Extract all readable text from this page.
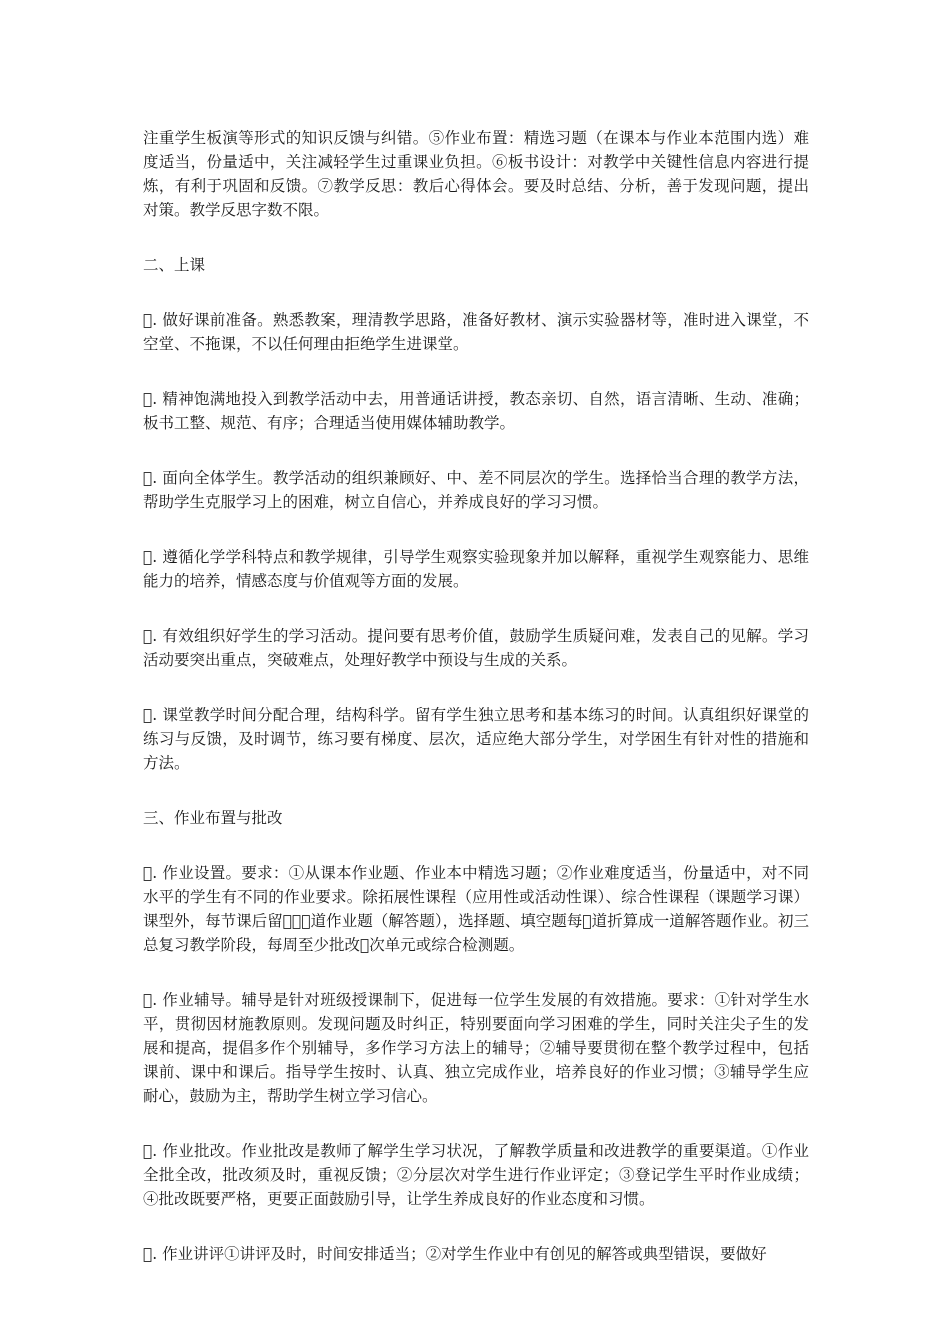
注重学生板演等形式的知识反馈与纠错。⑤作业布置：精选习题（在课本与作业本范围内选）难度适当，份量适中，关注减轻学生过重课业负担。⑥板书设计：对教学中关键性信息内容进行提炼，有利于巩固和反馈。⑦教学反思：教后心得体会。要及时总结、分析，善于发现问题，提出对策。教学反思字数不限。

二、上课

󰁒. 做好课前准备。熟悉教案，理清教学思路，准备好教材、演示实验器材等，准时进入课堂，不空堂、不拖课，不以任何理由拒绝学生进课堂。

󰁓. 精神饱满地投入到教学活动中去，用普通话讲授，教态亲切、自然，语言清晰、生动、准确；板书工整、规范、有序；合理适当使用媒体辅助教学。

󰁔. 面向全体学生。教学活动的组织兼顾好、中、差不同层次的学生。选择恰当合理的教学方法，帮助学生克服学习上的困难，树立自信心，并养成良好的学习习惯。

󰁕. 遵循化学学科特点和教学规律，引导学生观察实验现象并加以解释，重视学生观察能力、思维能力的培养，情感态度与价值观等方面的发展。

󰁖. 有效组织好学生的学习活动。提问要有思考价值，鼓励学生质疑问难，发表自己的见解。学习活动要突出重点，突破难点，处理好教学中预设与生成的关系。

󰁗. 课堂教学时间分配合理，结构科学。留有学生独立思考和基本练习的时间。认真组织好课堂的练习与反馈，及时调节，练习要有梯度、层次，适应绝大部分学生，对学困生有针对性的措施和方法。

三、作业布置与批改

󰁒. 作业设置。要求：①从课本作业题、作业本中精选习题；②作业难度适当，份量适中，对不同水平的学生有不同的作业要求。除拓展性课程（应用性或活动性课）、综合性课程（课题学习课）课型外，每节课后留󰁓󰀍󰁔道作业题（解答题），选择题、填空题每󰁓道折算成一道解答题作业。初三总复习教学阶段，每周至少批改󰁒次单元或综合检测题。

󰁓. 作业辅导。辅导是针对班级授课制下，促进每一位学生发展的有效措施。要求：①针对学生水平，贯彻因材施教原则。发现问题及时纠正，特别要面向学习困难的学生，同时关注尖子生的发展和提高，提倡多作个别辅导，多作学习方法上的辅导；②辅导要贯彻在整个教学过程中，包括课前、课中和课后。指导学生按时、认真、独立完成作业，培养良好的作业习惯；③辅导学生应耐心，鼓励为主，帮助学生树立学习信心。

󰁔. 作业批改。作业批改是教师了解学生学习状况，了解教学质量和改进教学的重要渠道。①作业全批全改，批改须及时，重视反馈；②分层次对学生进行作业评定；③登记学生平时作业成绩；④批改既要严格，更要正面鼓励引导，让学生养成良好的作业态度和习惯。

󰁕. 作业讲评①讲评及时，时间安排适当；②对学生作业中有创见的解答或典型错误，要做好
